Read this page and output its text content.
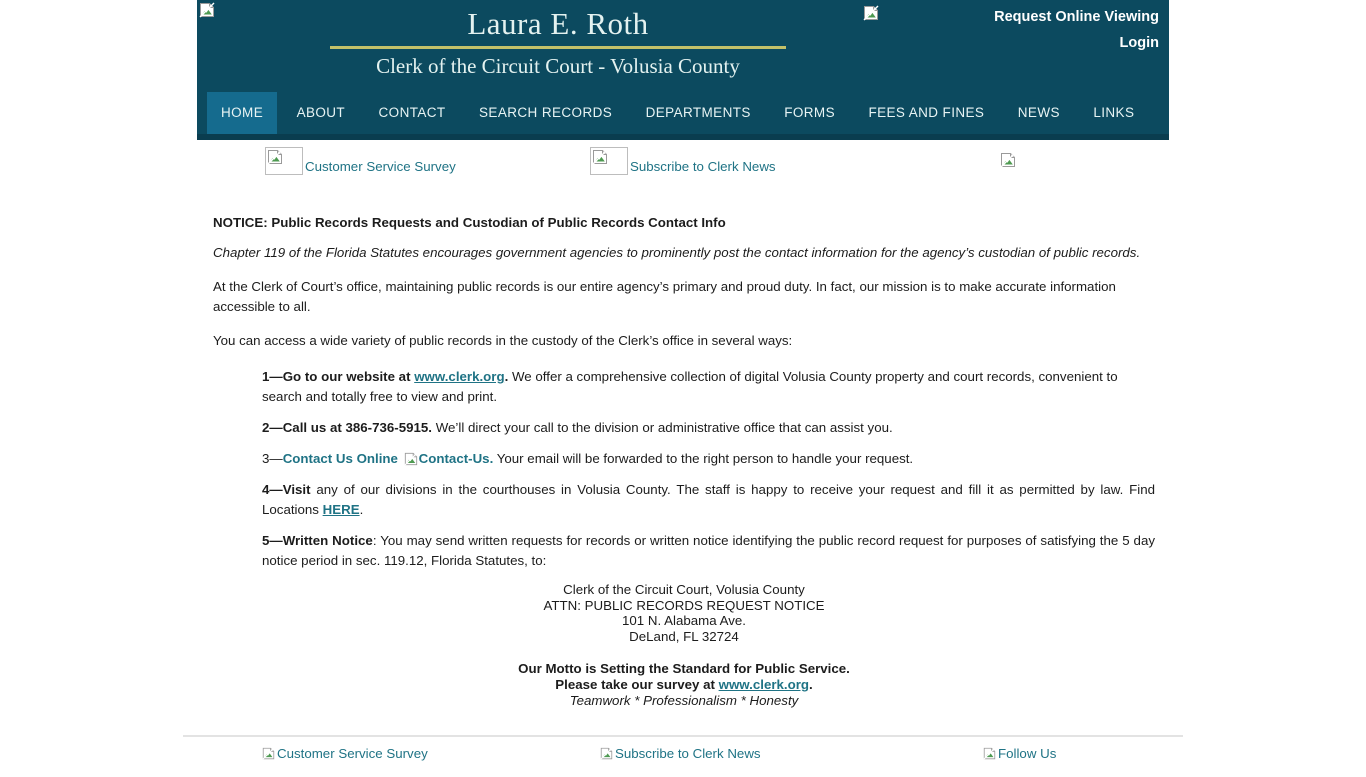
Laura E. Roth
Clerk of the Circuit Court - Volusia County
Request Online Viewing
Login
HOME ABOUT CONTACT SEARCH RECORDS DEPARTMENTS FORMS FEES AND FINES NEWS LINKS
Customer Service Survey	Subscribe to Clerk News
NOTICE: Public Records Requests and Custodian of Public Records Contact Info

Chapter 119 of the Florida Statutes encourages government agencies to prominently post the contact information for the agency’s custodian of public records.

At the Clerk of Court’s office, maintaining public records is our entire agency’s primary and proud duty. In fact, our mission is to make accurate information accessible to all.

You can access a wide variety of public records in the custody of the Clerk’s office in several ways:

1—Go to our website at www.clerk.org. We offer a comprehensive collection of digital Volusia County property and court records, convenient to search and totally free to view and print.
2—Call us at 386-736-5915. We’ll direct your call to the division or administrative office that can assist you.
3—Contact Us Online
Contact-Us. Your email will be forwarded to the right person to handle your request.
4—Visit any of our divisions in the courthouses in Volusia County. The staff is happy to receive your request and fill it as permitted by law. Find Locations HERE.
5—Written Notice: You may send written requests for records or written notice identifying the public record request for purposes of satisfying the 5 day notice period in sec. 119.12, Florida Statutes, to:
Clerk of the Circuit Court, Volusia County
ATTN: PUBLIC RECORDS REQUEST NOTICE
101 N. Alabama Ave.
DeLand, FL 32724
Our Motto is Setting the Standard for Public Service.
Please take our survey at www.clerk.org.
Teamwork * Professionalism * Honesty
Customer Service Survey	Subscribe to Clerk News	Follow Us
